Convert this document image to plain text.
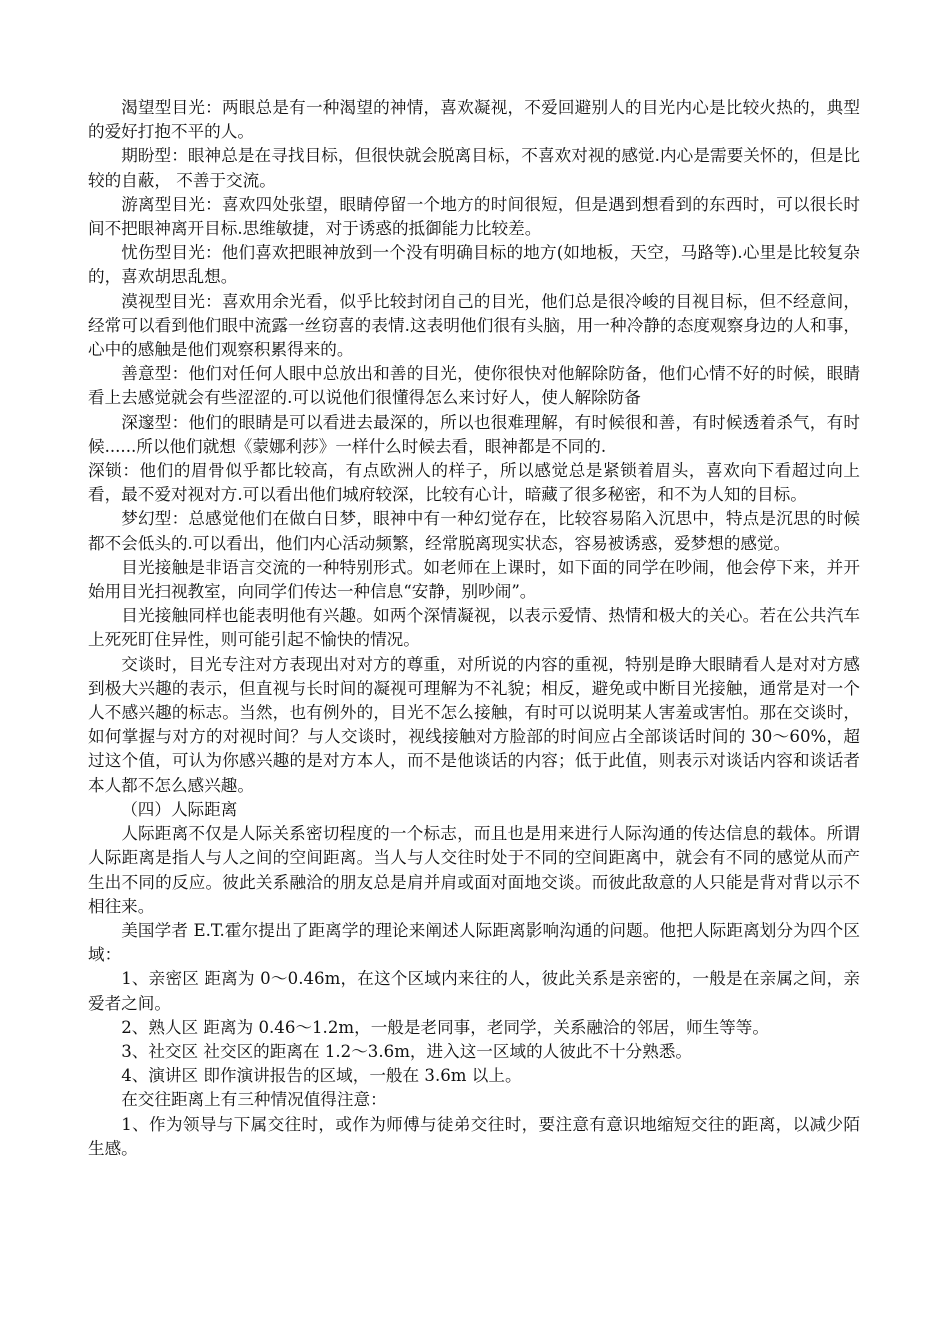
渴望型目光：两眼总是有一种渴望的神情，喜欢凝视，不爱回避别人的目光内心是比较火热的，典型的爱好打抱不平的人。

期盼型：眼神总是在寻找目标，但很快就会脱离目标，不喜欢对视的感觉.内心是需要关怀的，但是比较的自蔽， 不善于交流。

游离型目光：喜欢四处张望，眼睛停留一个地方的时间很短，但是遇到想看到的东西时，可以很长时间不把眼神离开目标.思维敏捷，对于诱惑的抵御能力比较差。

忧伤型目光：他们喜欢把眼神放到一个没有明确目标的地方(如地板，天空，马路等).心里是比较复杂的，喜欢胡思乱想。

漠视型目光：喜欢用余光看，似乎比较封闭自己的目光，他们总是很冷峻的目视目标，但不经意间，经常可以看到他们眼中流露一丝窃喜的表情.这表明他们很有头脑，用一种冷静的态度观察身边的人和事，心中的感触是他们观察积累得来的。

善意型：他们对任何人眼中总放出和善的目光，使你很快对他解除防备，他们心情不好的时候，眼睛看上去感觉就会有些涩涩的.可以说他们很懂得怎么来讨好人，使人解除防备

深邃型：他们的眼睛是可以看进去最深的，所以也很难理解，有时候很和善，有时候透着杀气，有时候......所以他们就想《蒙娜利莎》一样什么时候去看，眼神都是不同的.

深锁：他们的眉骨似乎都比较高，有点欧洲人的样子，所以感觉总是紧锁着眉头，喜欢向下看超过向上看，最不爱对视对方.可以看出他们城府较深，比较有心计，暗藏了很多秘密，和不为人知的目标。

梦幻型：总感觉他们在做白日梦，眼神中有一种幻觉存在，比较容易陷入沉思中，特点是沉思的时候都不会低头的.可以看出，他们内心活动频繁，经常脱离现实状态，容易被诱惑，爱梦想的感觉。

目光接触是非语言交流的一种特别形式。如老师在上课时，如下面的同学在吵闹，他会停下来，并开始用目光扫视教室，向同学们传达一种信息“安静，别吵闹”。

目光接触同样也能表明他有兴趣。如两个深情凝视，以表示爱情、热情和极大的关心。若在公共汽车上死死盯住异性，则可能引起不愉快的情况。

交谈时，目光专注对方表现出对对方的尊重，对所说的内容的重视，特别是睁大眼睛看人是对对方感到极大兴趣的表示，但直视与长时间的凝视可理解为不礼貌；相反，避免或中断目光接触，通常是对一个人不感兴趣的标志。当然，也有例外的，目光不怎么接触，有时可以说明某人害羞或害怕。那在交谈时，如何掌握与对方的对视时间？与人交谈时，视线接触对方脸部的时间应占全部谈话时间的 30～60%，超过这个值，可认为你感兴趣的是对方本人，而不是他谈话的内容；低于此值，则表示对谈话内容和谈话者本人都不怎么感兴趣。

（四）人际距离

人际距离不仅是人际关系密切程度的一个标志，而且也是用来进行人际沟通的传达信息的载体。所谓人际距离是指人与人之间的空间距离。当人与人交往时处于不同的空间距离中，就会有不同的感觉从而产生出不同的反应。彼此关系融洽的朋友总是肩并肩或面对面地交谈。而彼此敌意的人只能是背对背以示不相往来。

美国学者 E.T.霍尔提出了距离学的理论来阐述人际距离影响沟通的问题。他把人际距离划分为四个区域：

1、亲密区 距离为 0～0.46m，在这个区域内来往的人，彼此关系是亲密的，一般是在亲属之间，亲爱者之间。

2、熟人区 距离为 0.46～1.2m，一般是老同事，老同学，关系融洽的邻居，师生等等。

3、社交区 社交区的距离在 1.2～3.6m，进入这一区域的人彼此不十分熟悉。

4、演讲区 即作演讲报告的区域，一般在 3.6m 以上。

在交往距离上有三种情况值得注意：

1、作为领导与下属交往时，或作为师傅与徒弟交往时，要注意有意识地缩短交往的距离，以减少陌生感。
